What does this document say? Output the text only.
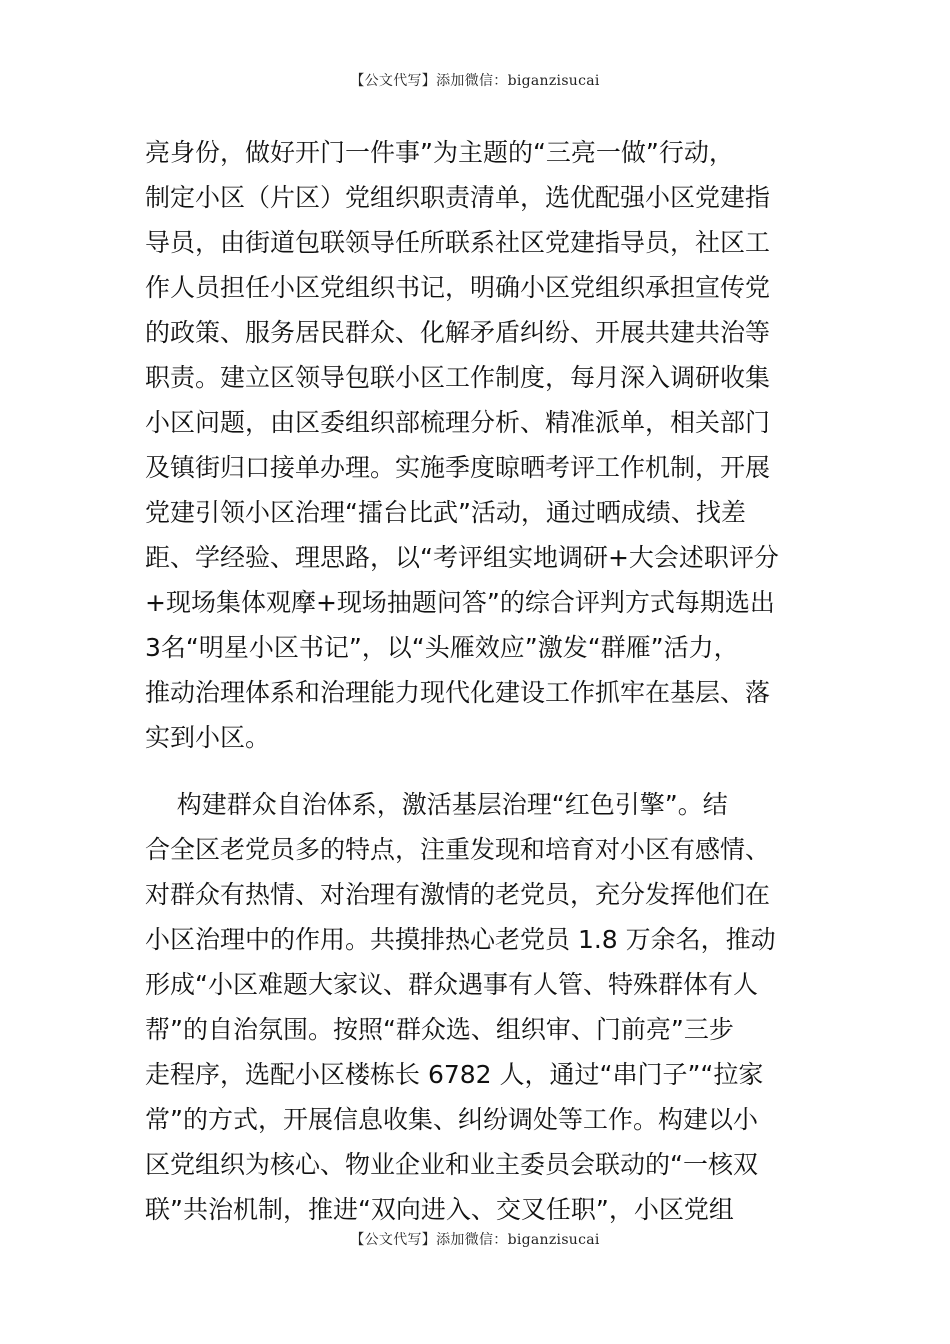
【公文代写】添加微信：biganzisucai
亮身份，做好开门一件事”为主题的“三亮一做”行动，
制定小区（片区）党组织职责清单，选优配强小区党建指
导员，由街道包联领导任所联系社区党建指导员，社区工
作人员担任小区党组织书记，明确小区党组织承担宣传党
的政策、服务居民群众、化解矛盾纠纷、开展共建共治等
职责。建立区领导包联小区工作制度，每月深入调研收集
小区问题，由区委组织部梳理分析、精准派单，相关部门
及镇街归口接单办理。实施季度晾晒考评工作机制，开展
党建引领小区治理“擂台比武”活动，通过晒成绩、找差
距、学经验、理思路，以“考评组实地调研+大会述职评分
+现场集体观摩+现场抽题问答”的综合评判方式每期选出
3名“明星小区书记”，以“头雁效应”激发“群雁”活力，
推动治理体系和治理能力现代化建设工作抓牢在基层、落
实到小区。
构建群众自治体系，激活基层治理“红色引擎”。结
合全区老党员多的特点，注重发现和培育对小区有感情、
对群众有热情、对治理有激情的老党员，充分发挥他们在
小区治理中的作用。共摸排热心老党员 1.8 万余名，推动
形成“小区难题大家议、群众遇事有人管、特殊群体有人
帮”的自治氛围。按照“群众选、组织审、门前亮”三步
走程序，选配小区楼栋长 6782 人，通过“串门子”“拉家
常”的方式，开展信息收集、纠纷调处等工作。构建以小
区党组织为核心、物业企业和业主委员会联动的“一核双
联”共治机制，推进“双向进入、交叉任职”，小区党组
【公文代写】添加微信：biganzisucai
